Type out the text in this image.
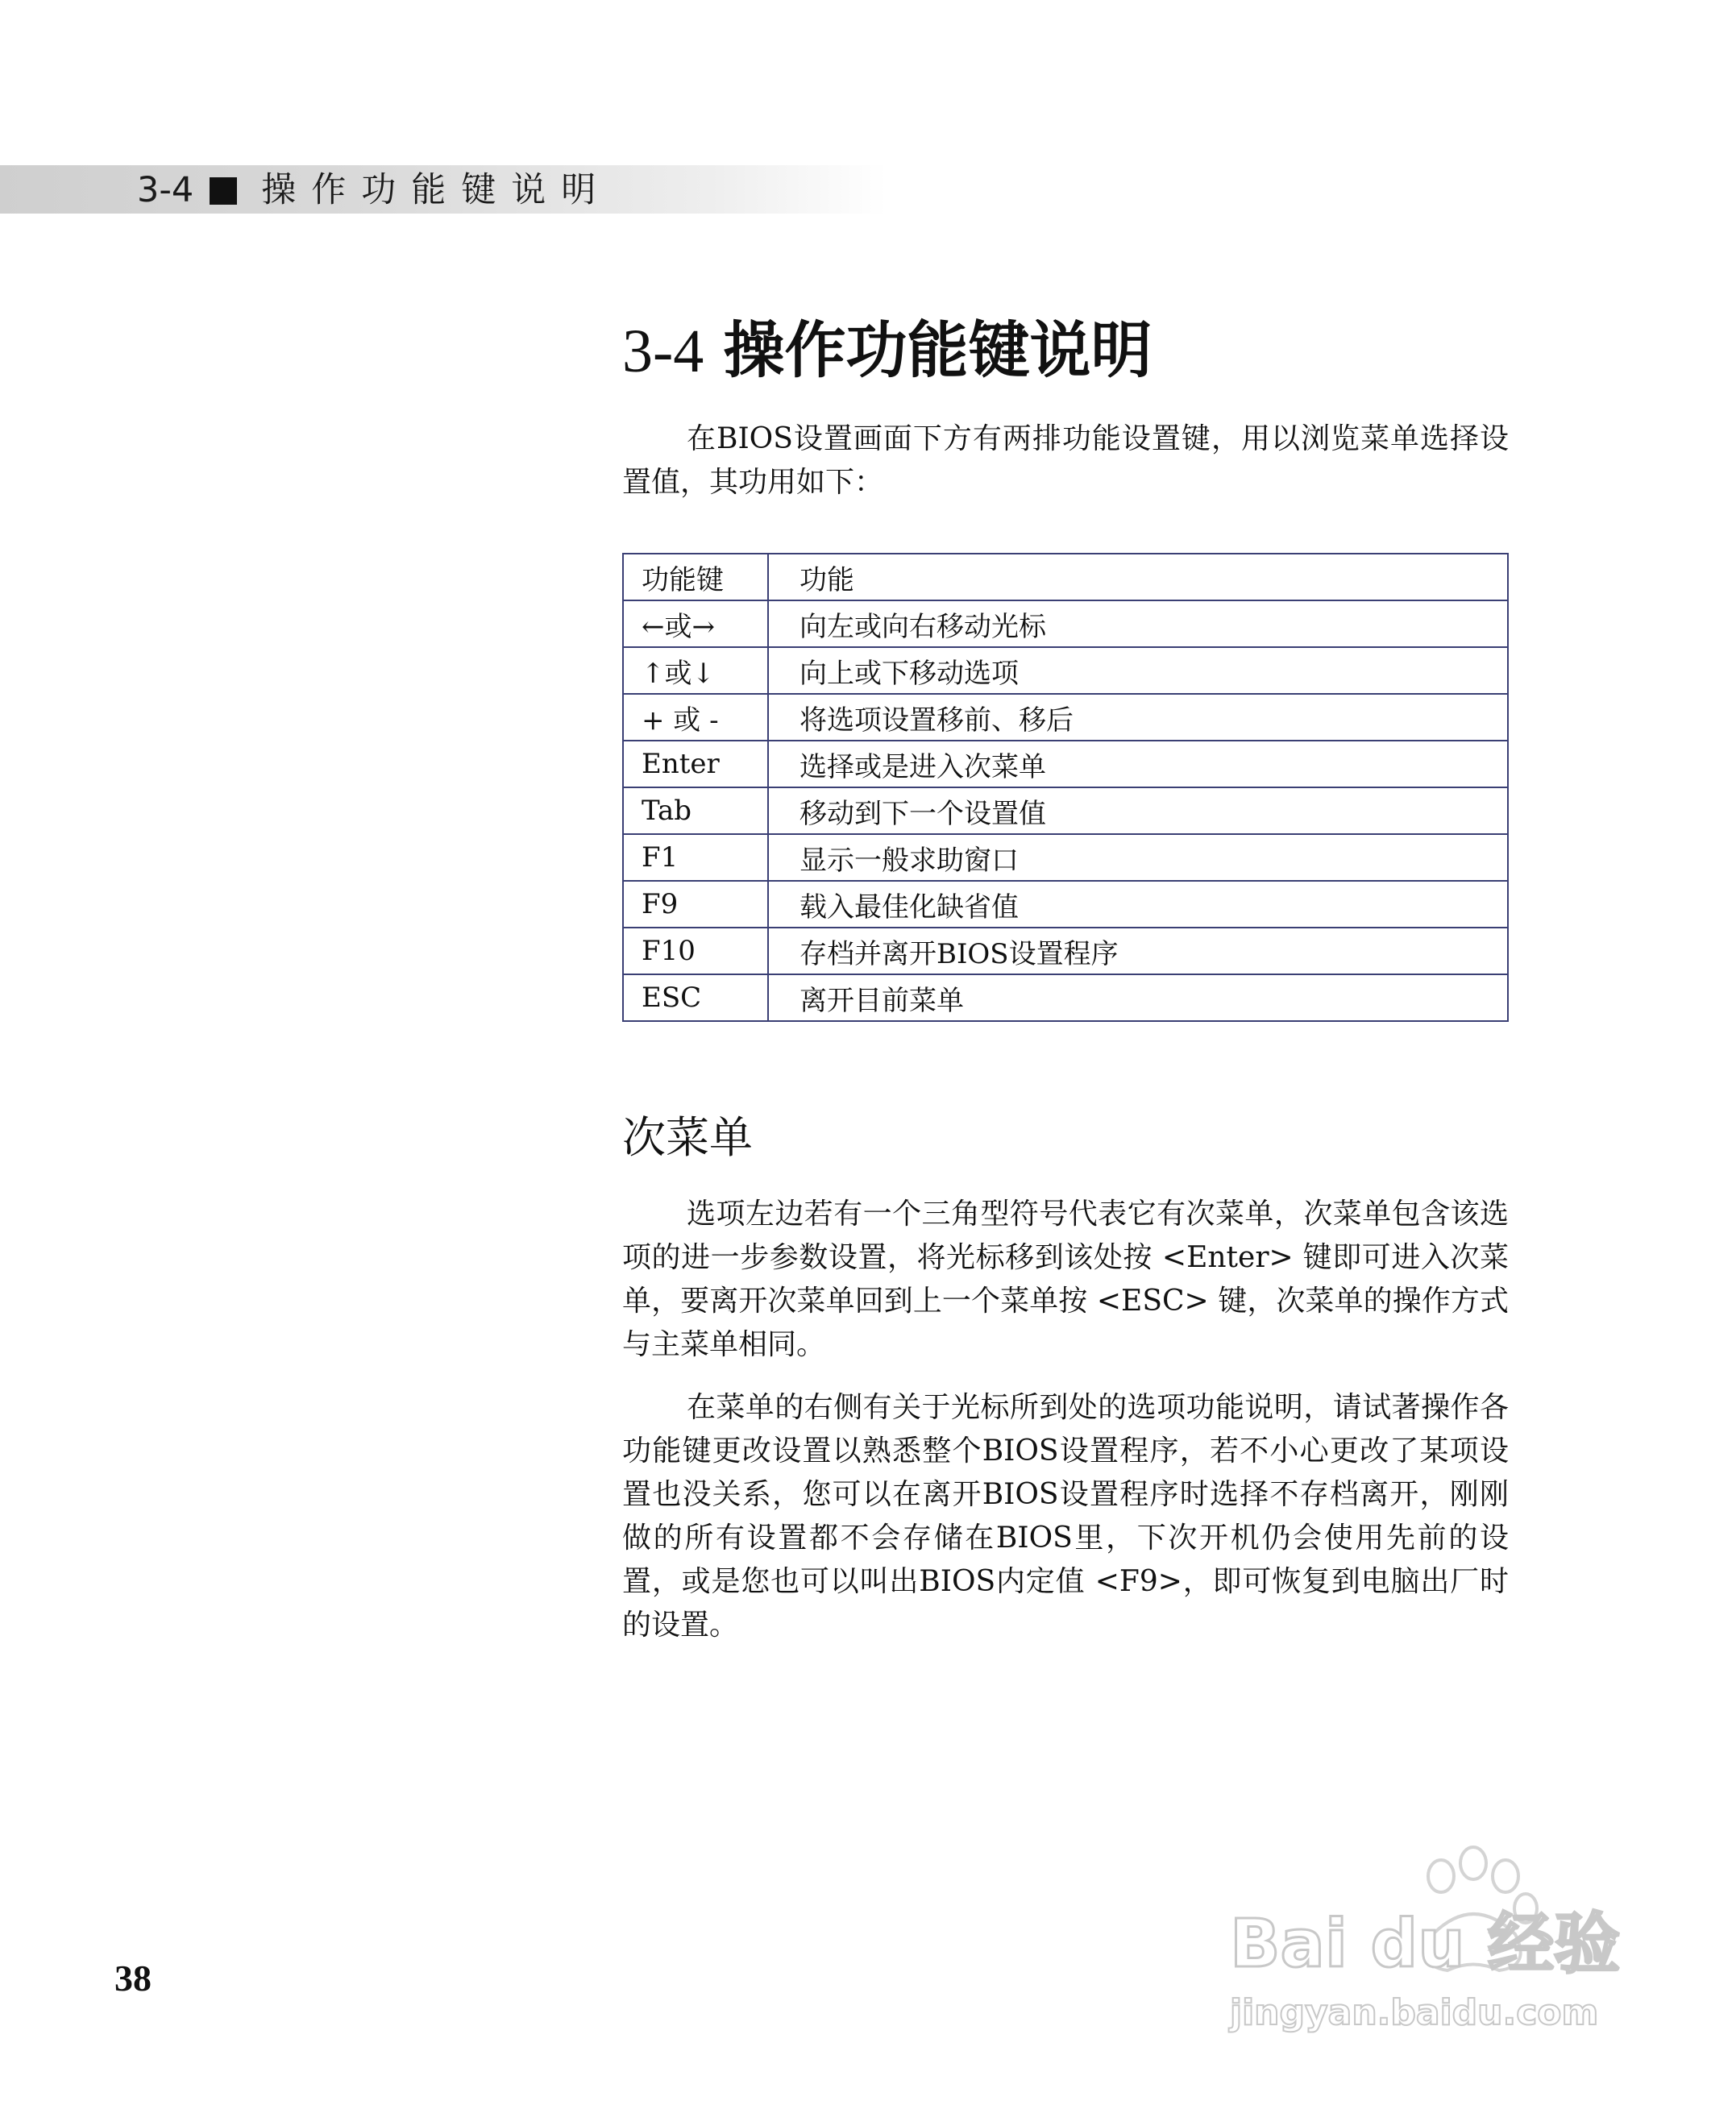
3-4 操作功能键说明
3-4 操作功能键说明

在BIOS设置画面下方有两排功能设置键，用以浏览菜单选择设置值，其功用如下：

功能键	功能
←或→	向左或向右移动光标
↑或↓	向上或下移动选项
+ 或 -	将选项设置移前、移后
Enter	选择或是进入次菜单
Tab	移动到下一个设置值
F1	显示一般求助窗口
F9	载入最佳化缺省值
F10	存档并离开BIOS设置程序
ESC	离开目前菜单
次菜单

选项左边若有一个三角型符号代表它有次菜单，次菜单包含该选项的进一步参数设置，将光标移到该处按 <Enter> 键即可进入次菜单，要离开次菜单回到上一个菜单按 <ESC> 键，次菜单的操作方式与主菜单相同。

在菜单的右侧有关于光标所到处的选项功能说明，请试著操作各功能键更改设置以熟悉整个BIOS设置程序，若不小心更改了某项设置也没关系，您可以在离开BIOS设置程序时选择不存档离开，刚刚做的所有设置都不会存储在BIOS里，下次开机仍会使用先前的设置，或是您也可以叫出BIOS内定值 <F9>，即可恢复到电脑出厂时的设置。

38	Bai du 经验
jingyan.baidu.com
